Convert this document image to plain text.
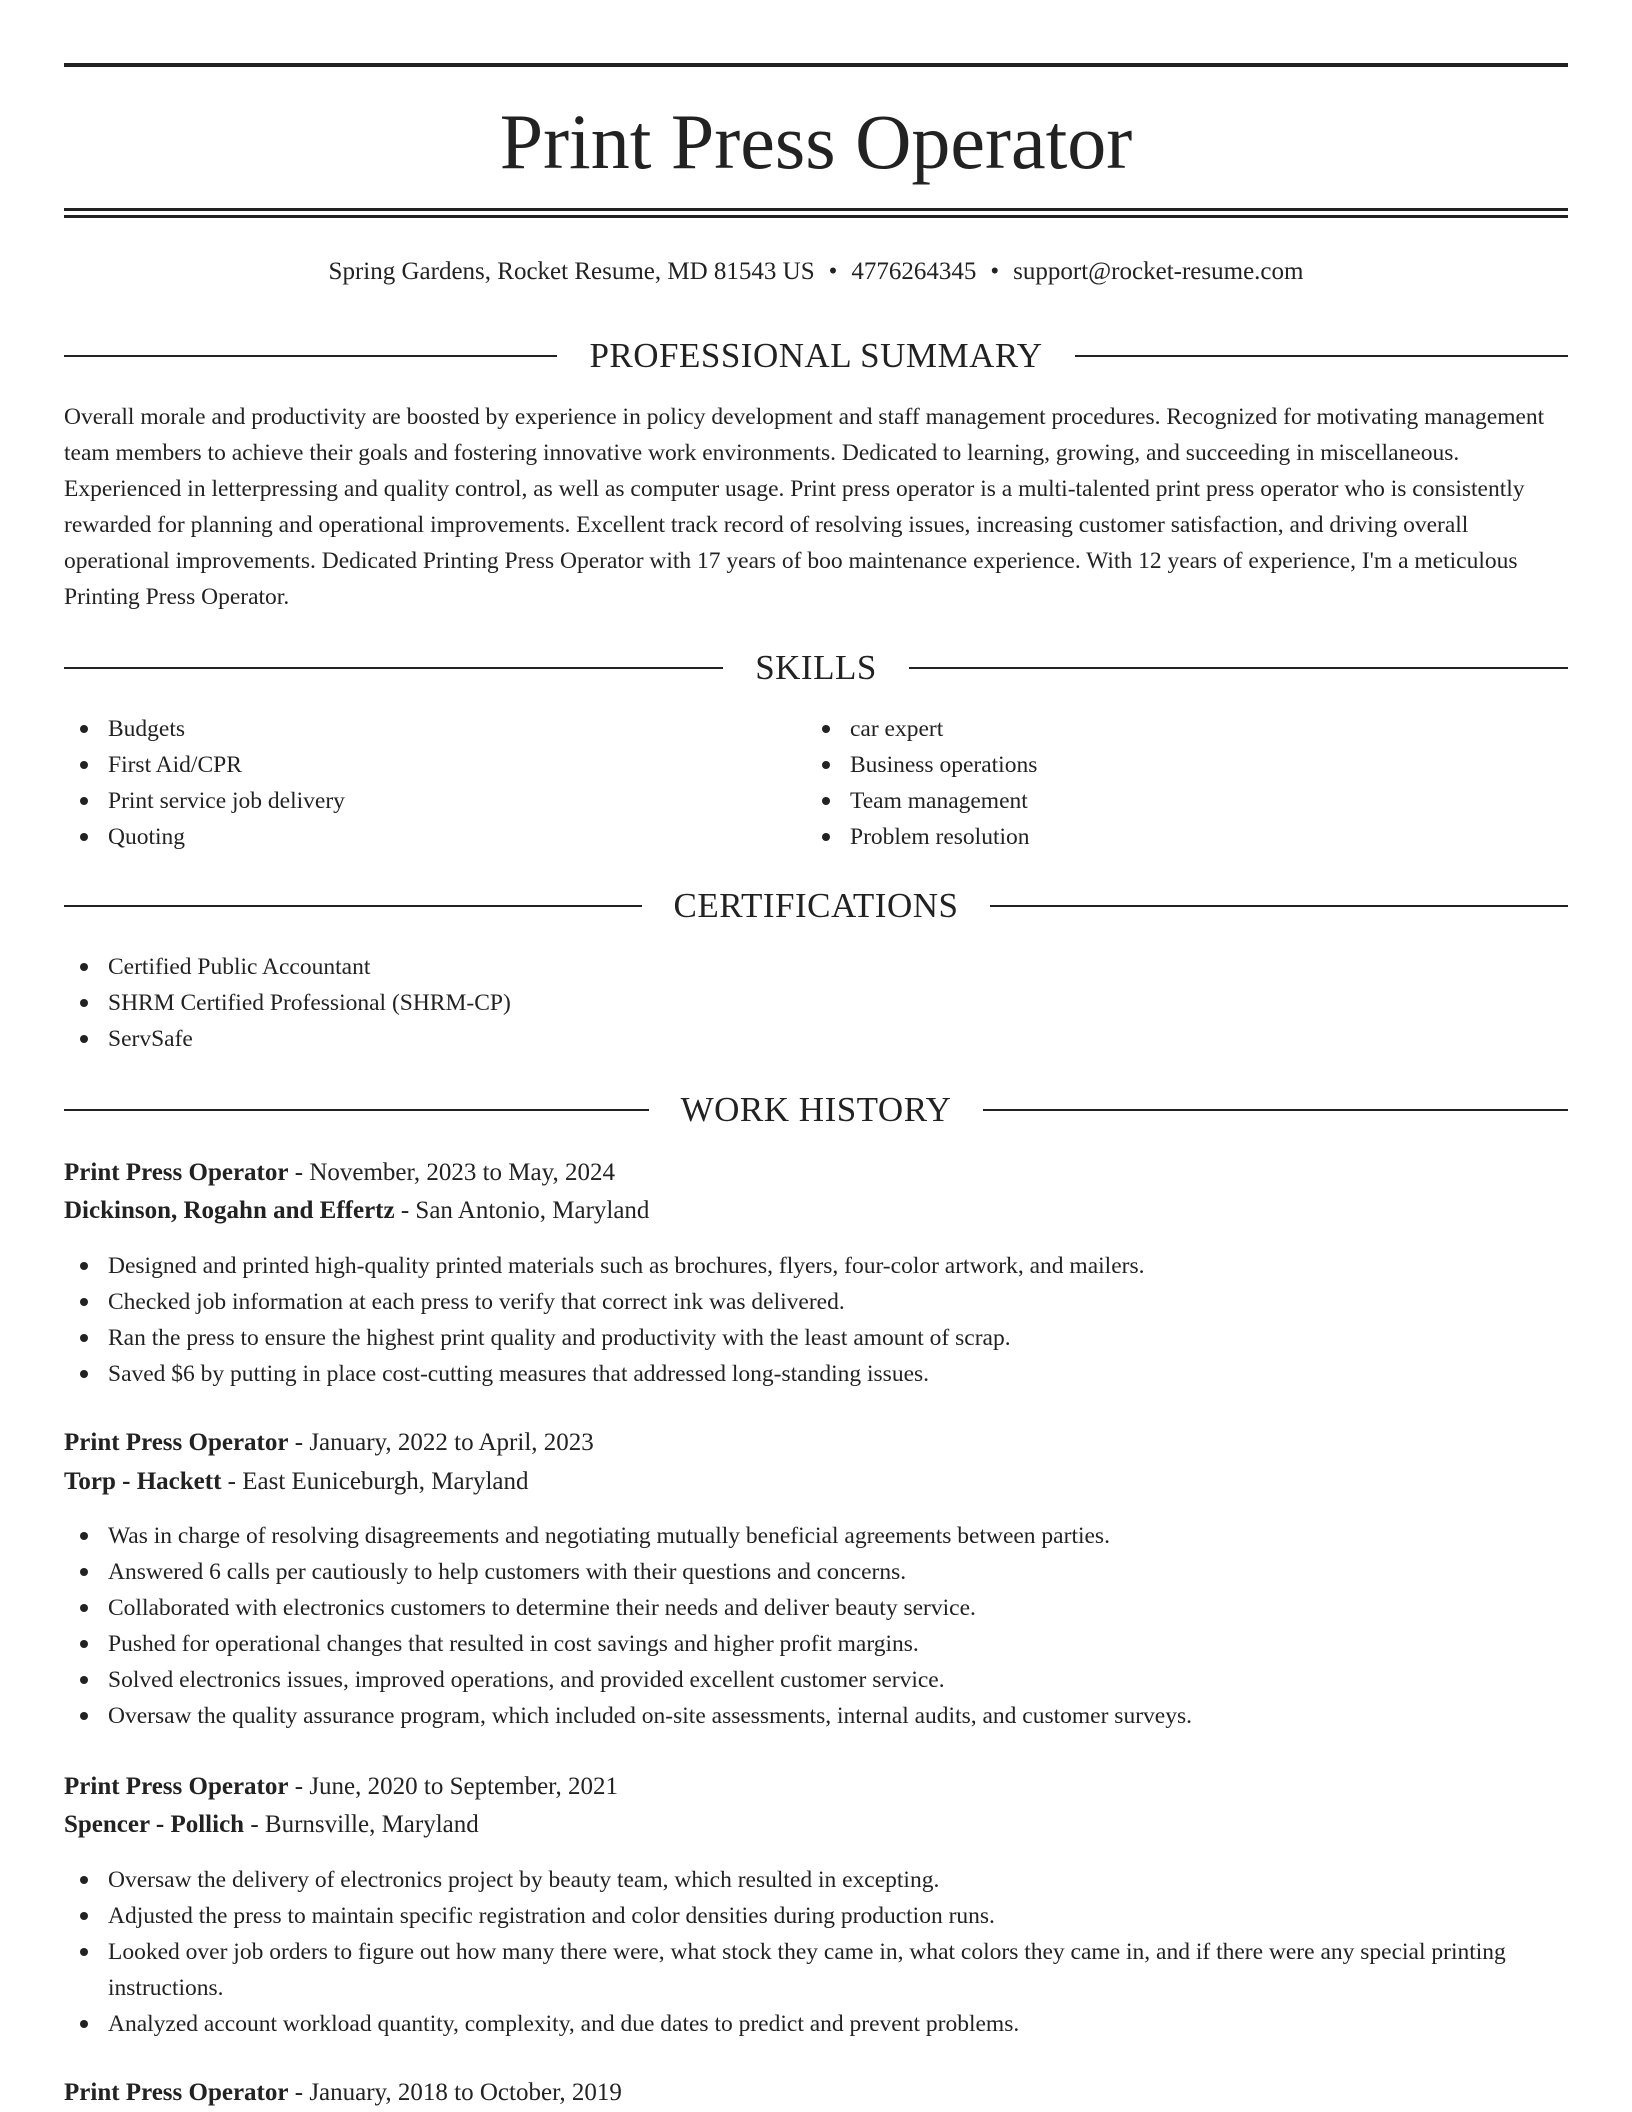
Print Press Operator
Spring Gardens, Rocket Resume, MD 81543 US • 4776264345 • support@rocket-resume.com
PROFESSIONAL SUMMARY

Overall morale and productivity are boosted by experience in policy development and staff management procedures. Recognized for motivating management team members to achieve their goals and fostering innovative work environments. Dedicated to learning, growing, and succeeding in miscellaneous. Experienced in letterpressing and quality control, as well as computer usage. Print press operator is a multi-talented print press operator who is consistently rewarded for planning and operational improvements. Excellent track record of resolving issues, increasing customer satisfaction, and driving overall operational improvements. Dedicated Printing Press Operator with 17 years of boo maintenance experience. With 12 years of experience, I'm a meticulous Printing Press Operator.

SKILLS
Budgets
First Aid/CPR
Print service job delivery
Quoting
car expert
Business operations
Team management
Problem resolution
CERTIFICATIONS
Certified Public Accountant
SHRM Certified Professional (SHRM-CP)
ServSafe
WORK HISTORY
Print Press Operator - November, 2023 to May, 2024
Dickinson, Rogahn and Effertz - San Antonio, Maryland
Designed and printed high-quality printed materials such as brochures, flyers, four-color artwork, and mailers.
Checked job information at each press to verify that correct ink was delivered.
Ran the press to ensure the highest print quality and productivity with the least amount of scrap.
Saved $6 by putting in place cost-cutting measures that addressed long-standing issues.
Print Press Operator - January, 2022 to April, 2023
Torp - Hackett - East Euniceburgh, Maryland
Was in charge of resolving disagreements and negotiating mutually beneficial agreements between parties.
Answered 6 calls per cautiously to help customers with their questions and concerns.
Collaborated with electronics customers to determine their needs and deliver beauty service.
Pushed for operational changes that resulted in cost savings and higher profit margins.
Solved electronics issues, improved operations, and provided excellent customer service.
Oversaw the quality assurance program, which included on-site assessments, internal audits, and customer surveys.
Print Press Operator - June, 2020 to September, 2021
Spencer - Pollich - Burnsville, Maryland
Oversaw the delivery of electronics project by beauty team, which resulted in excepting.
Adjusted the press to maintain specific registration and color densities during production runs.
Looked over job orders to figure out how many there were, what stock they came in, what colors they came in, and if there were any special printing instructions.
Analyzed account workload quantity, complexity, and due dates to predict and prevent problems.
Print Press Operator - January, 2018 to October, 2019
